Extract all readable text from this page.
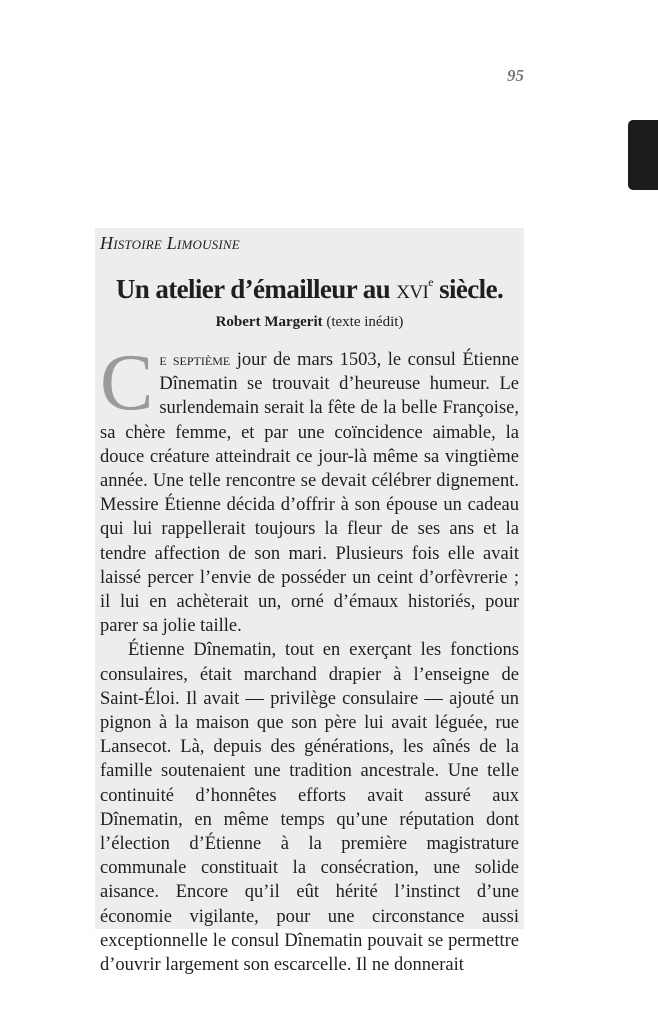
95

Histoire Limousine

Un atelier d’émailleur au xvi$^e$ siècle.

Robert Margerit (texte inédit)

Ce septième jour de mars 1503, le consul Étienne Dînematin se trouvait d’heureuse humeur. Le surlendemain serait la fête de la belle Françoise, sa chère femme, et par une coïncidence aimable, la douce créature atteindrait ce jour-là même sa vingtième année. Une telle rencontre se devait célébrer dignement. Messire Étienne décida d’offrir à son épouse un cadeau qui lui rappellerait toujours la fleur de ses ans et la tendre affection de son mari. Plusieurs fois elle avait laissé percer l’envie de posséder un ceint d’orfèvrerie ; il lui en achèterait un, orné d’émaux historiés, pour parer sa jolie taille.

Étienne Dînematin, tout en exerçant les fonctions consulaires, était marchand drapier à l’enseigne de Saint-Éloi. Il avait — privilège consulaire — ajouté un pignon à la maison que son père lui avait léguée, rue Lansecot. Là, depuis des générations, les aînés de la famille soutenaient une tradition ancestrale. Une telle continuité d’honnêtes efforts avait assuré aux Dînematin, en même temps qu’une réputation dont l’élection d’Étienne à la première magistrature communale constituait la consécration, une solide aisance. Encore qu’il eût hérité l’instinct d’une économie vigilante, pour une circonstance aussi exceptionnelle le consul Dînematin pouvait se permettre d’ouvrir largement son escarcelle. Il ne donnerait
